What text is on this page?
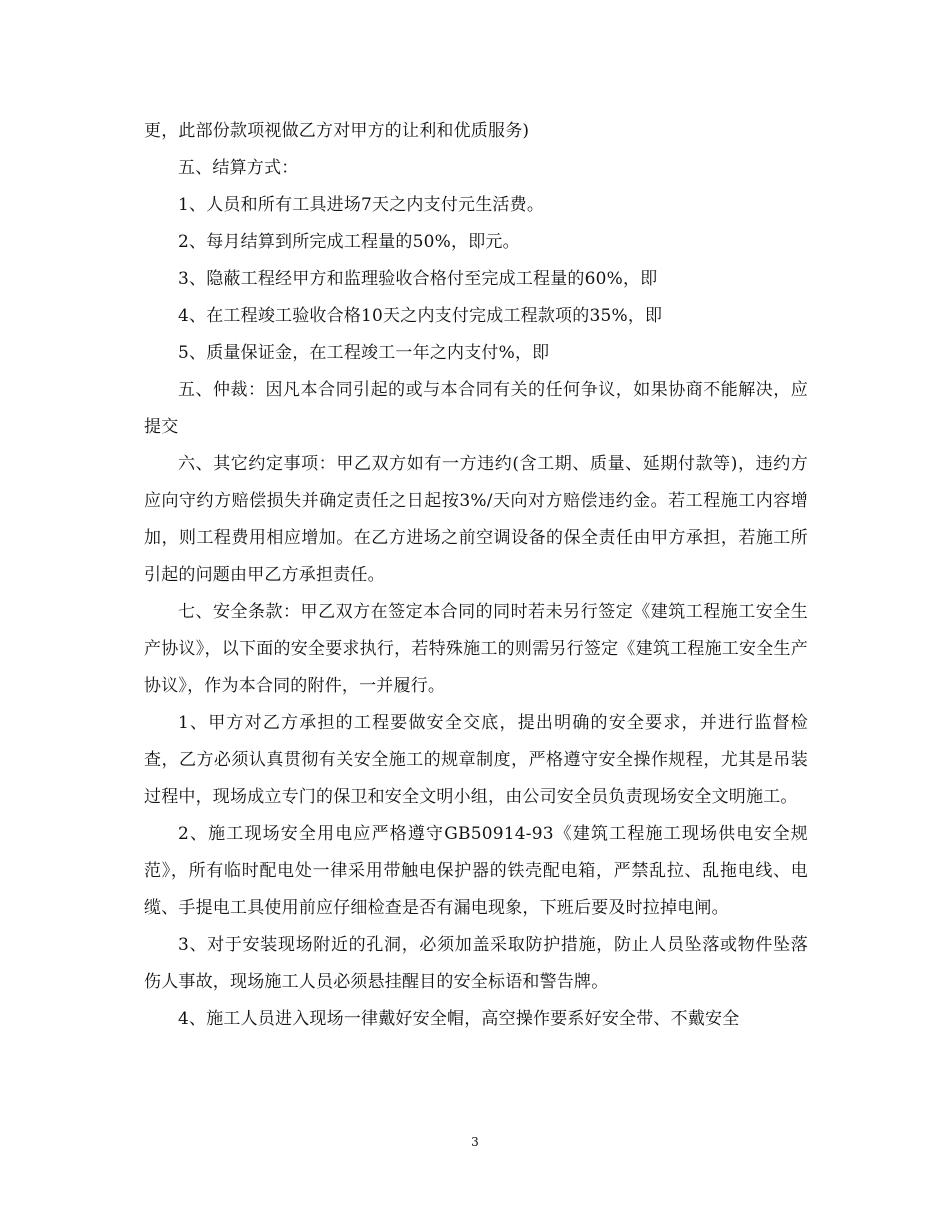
更，此部份款项视做乙方对甲方的让利和优质服务)

五、结算方式：

1、人员和所有工具进场7天之内支付元生活费。

2、每月结算到所完成工程量的50%，即元。

3、隐蔽工程经甲方和监理验收合格付至完成工程量的60%，即

4、在工程竣工验收合格10天之内支付完成工程款项的35%，即

5、质量保证金，在工程竣工一年之内支付%，即

五、仲裁：因凡本合同引起的或与本合同有关的任何争议，如果协商不能解决，应提交

六、其它约定事项：甲乙双方如有一方违约(含工期、质量、延期付款等)，违约方应向守约方赔偿损失并确定责任之日起按3%/天向对方赔偿违约金。若工程施工内容增加，则工程费用相应增加。在乙方进场之前空调设备的保全责任由甲方承担，若施工所引起的问题由甲乙方承担责任。

七、安全条款：甲乙双方在签定本合同的同时若未另行签定《建筑工程施工安全生产协议》，以下面的安全要求执行，若特殊施工的则需另行签定《建筑工程施工安全生产协议》，作为本合同的附件，一并履行。

1、甲方对乙方承担的工程要做安全交底，提出明确的安全要求，并进行监督检查，乙方必须认真贯彻有关安全施工的规章制度，严格遵守安全操作规程，尤其是吊装过程中，现场成立专门的保卫和安全文明小组，由公司安全员负责现场安全文明施工。

2、施工现场安全用电应严格遵守GB50914-93《建筑工程施工现场供电安全规范》，所有临时配电处一律采用带触电保护器的铁壳配电箱，严禁乱拉、乱拖电线、电缆、手提电工具使用前应仔细检查是否有漏电现象，下班后要及时拉掉电闸。

3、对于安装现场附近的孔洞，必须加盖采取防护措施，防止人员坠落或物件坠落伤人事故，现场施工人员必须悬挂醒目的安全标语和警告牌。

4、施工人员进入现场一律戴好安全帽，高空操作要系好安全带、不戴安全

3
